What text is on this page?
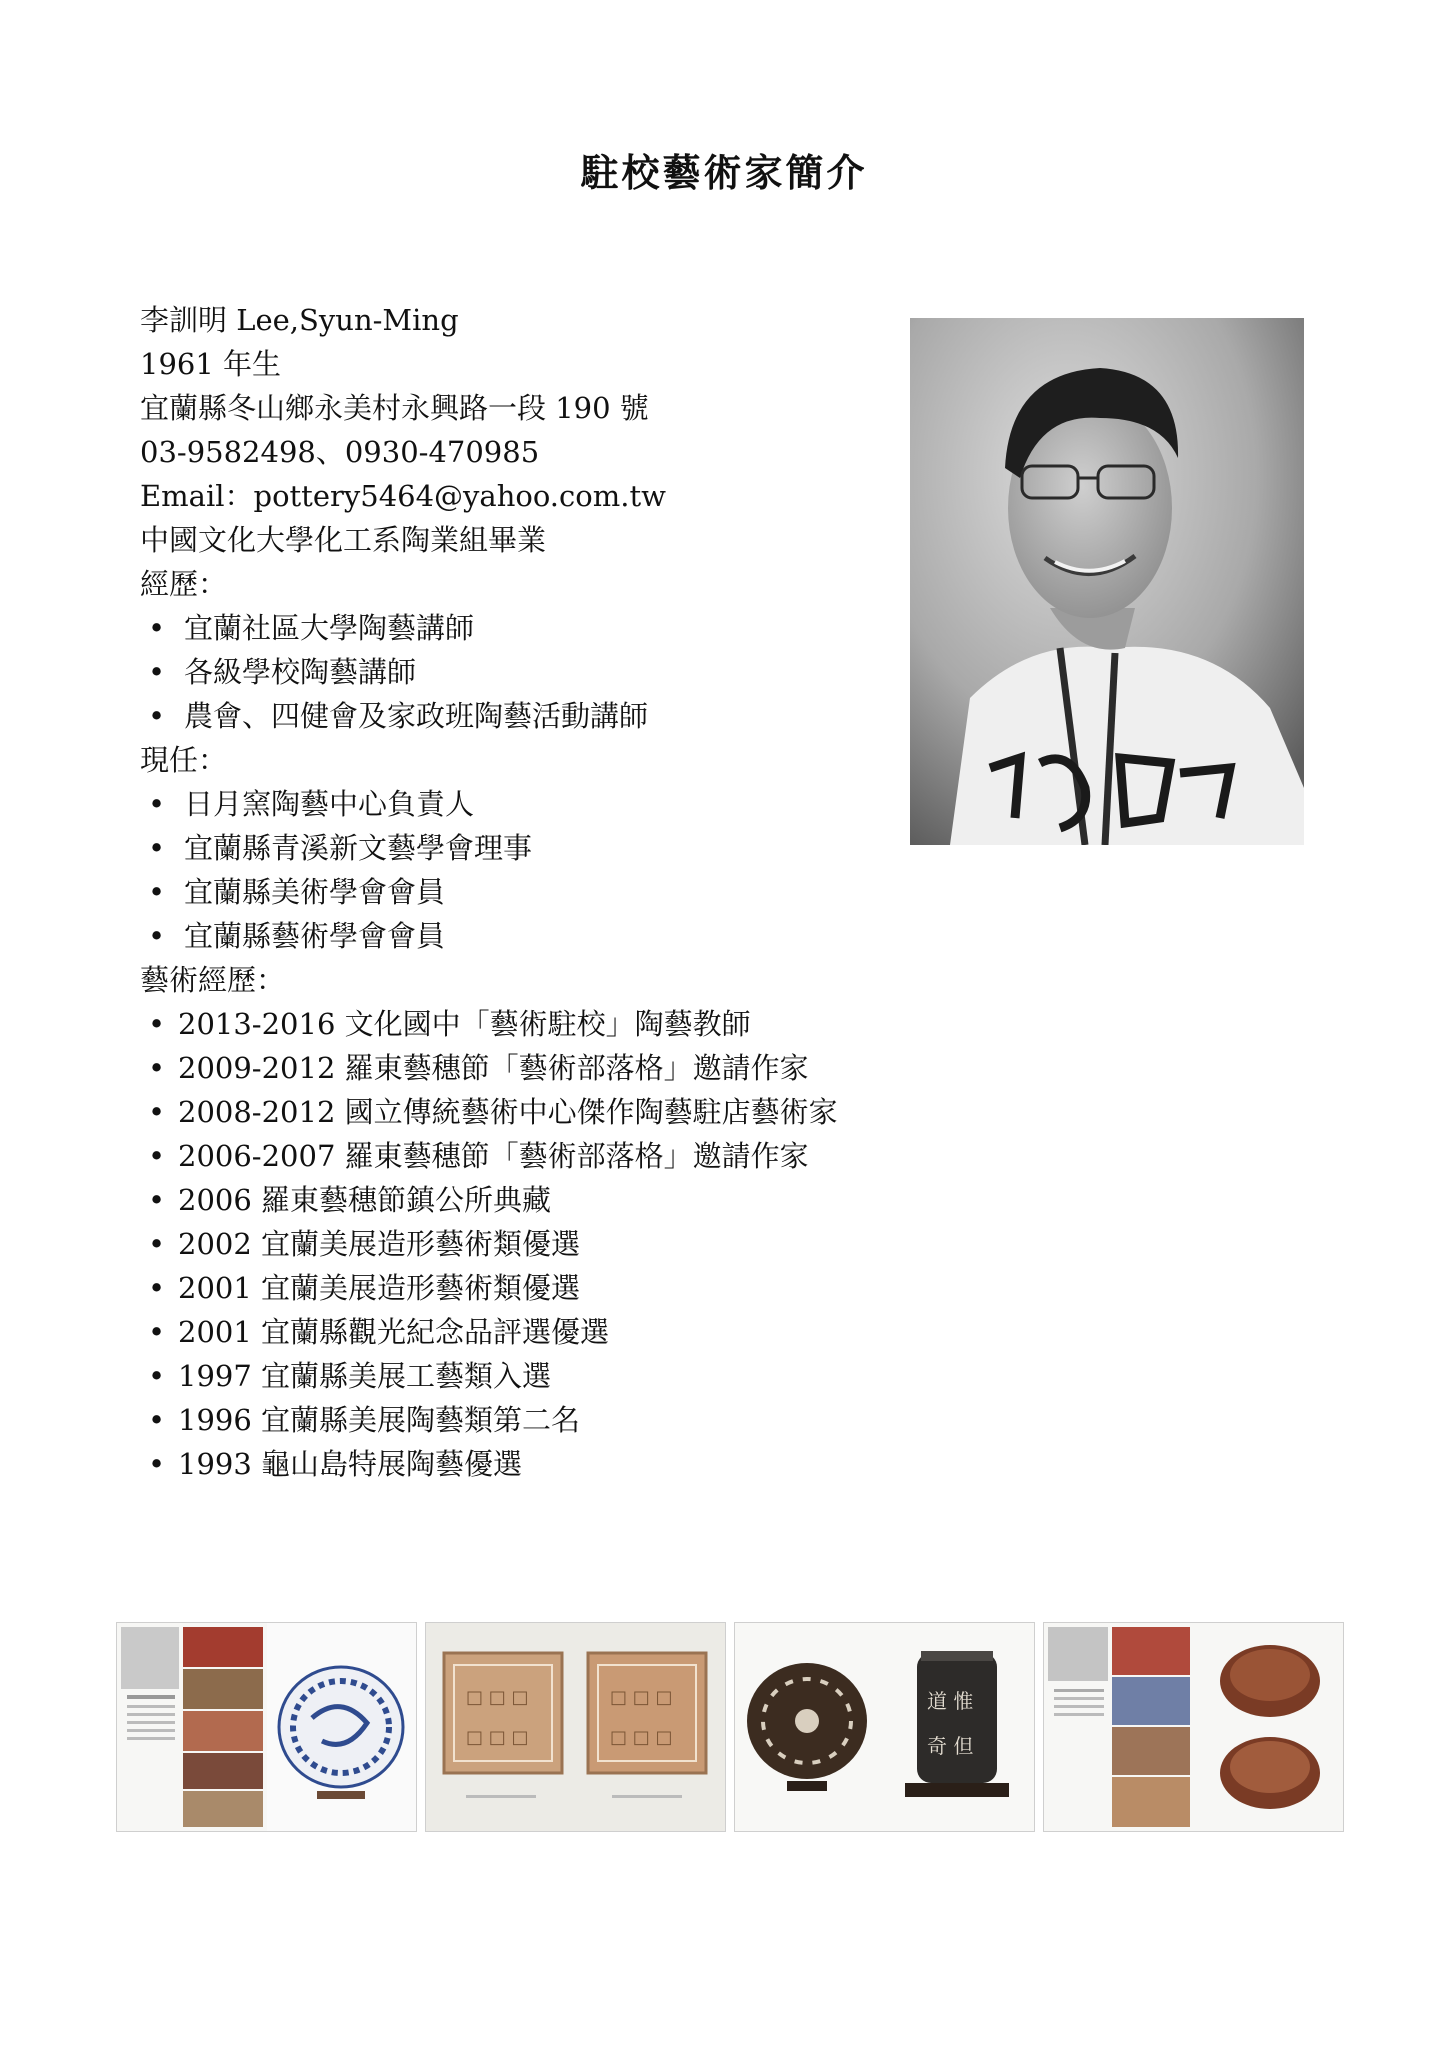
駐校藝術家簡介
李訓明 Lee,Syun-Ming
1961 年生
宜蘭縣冬山鄉永美村永興路一段 190 號
03-9582498、0930-470985
Email：pottery5464@yahoo.com.tw
中國文化大學化工系陶業組畢業
經歷：
• 宜蘭社區大學陶藝講師
• 各級學校陶藝講師
• 農會、四健會及家政班陶藝活動講師
現任：
• 日月窯陶藝中心負責人
• 宜蘭縣青溪新文藝學會理事
• 宜蘭縣美術學會會員
• 宜蘭縣藝術學會會員
藝術經歷：
• 2013-2016 文化國中「藝術駐校」陶藝教師
• 2009-2012 羅東藝穗節「藝術部落格」邀請作家
• 2008-2012 國立傳統藝術中心傑作陶藝駐店藝術家
• 2006-2007 羅東藝穗節「藝術部落格」邀請作家
• 2006 羅東藝穗節鎮公所典藏
• 2002 宜蘭美展造形藝術類優選
• 2001 宜蘭美展造形藝術類優選
• 2001 宜蘭縣觀光紀念品評選優選
• 1997 宜蘭縣美展工藝類入選
• 1996 宜蘭縣美展陶藝類第二名
• 1993 龜山島特展陶藝優選
□ □ □
□ □ □
□ □ □
□ □ □
道 惟
奇 但
